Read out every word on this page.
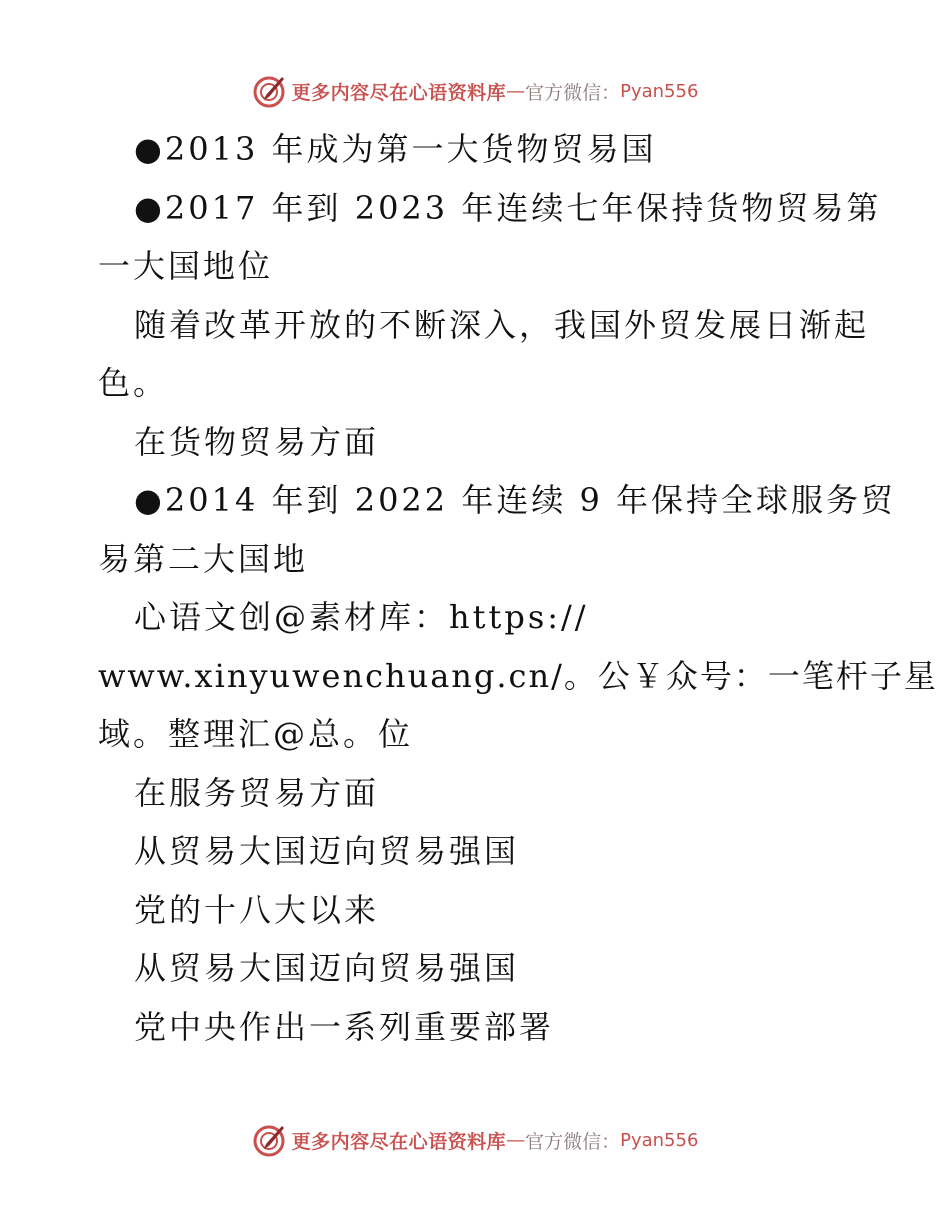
更多内容尽在心语资料库 — 官方微信： Pyan556

●2013 年成为第一大货物贸易国

●2017 年到 2023 年连续七年保持货物贸易第

一大国地位

随着改革开放的不断深入，我国外贸发展日渐起

色。

在货物贸易方面

●2014 年到 2022 年连续 9 年保持全球服务贸

易第二大国地

心语文创@素材库：https://

www.xinyuwenchuang.cn/。公￥众号：一笔杆子星

域。整理汇@总。位

在服务贸易方面

从贸易大国迈向贸易强国

党的十八大以来

从贸易大国迈向贸易强国

党中央作出一系列重要部署

更多内容尽在心语资料库 — 官方微信： Pyan556
